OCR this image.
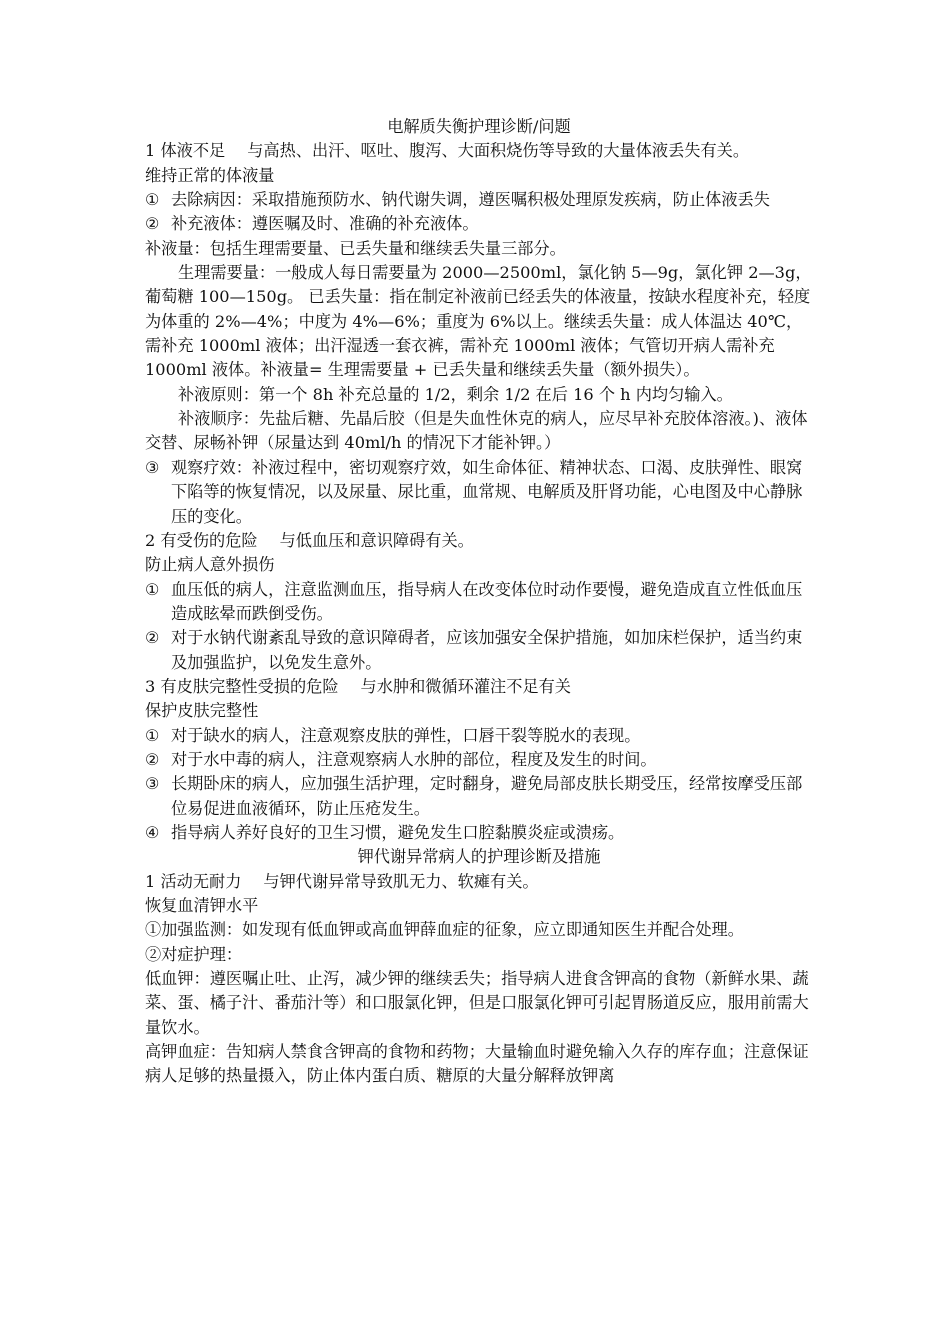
电解质失衡护理诊断/问题

1 体液不足 与高热、出汗、呕吐、腹泻、大面积烧伤等导致的大量体液丢失有关。

维持正常的体液量

① 去除病因：采取措施预防水、钠代谢失调，遵医嘱积极处理原发疾病，防止体液丢失
② 补充液体：遵医嘱及时、准确的补充液体。

补液量：包括生理需要量、已丢失量和继续丢失量三部分。

生理需要量：一般成人每日需要量为 2000—2500ml，氯化钠 5—9g，氯化钾 2—3g，葡萄糖 100—150g。 已丢失量：指在制定补液前已经丢失的体液量，按缺水程度补充，轻度为体重的 2%—4%；中度为 4%—6%；重度为 6%以上。继续丢失量：成人体温达 40℃，需补充 1000ml 液体；出汗湿透一套衣裤，需补充 1000ml 液体；气管切开病人需补充 1000ml 液体。补液量= 生理需要量 + 已丢失量和继续丢失量（额外损失）。

补液原则：第一个 8h 补充总量的 1/2，剩余 1/2 在后 16 个 h 内均匀输入。

补液顺序：先盐后糖、先晶后胶（但是失血性休克的病人，应尽早补充胶体溶液。)、液体交替、尿畅补钾（尿量达到 40ml/h 的情况下才能补钾。）

③ 观察疗效：补液过程中，密切观察疗效，如生命体征、精神状态、口渴、皮肤弹性、眼窝下陷等的恢复情况，以及尿量、尿比重，血常规、电解质及肝肾功能，心电图及中心静脉压的变化。

2 有受伤的危险 与低血压和意识障碍有关。

防止病人意外损伤

① 血压低的病人，注意监测血压，指导病人在改变体位时动作要慢，避免造成直立性低血压造成眩晕而跌倒受伤。
② 对于水钠代谢紊乱导致的意识障碍者，应该加强安全保护措施，如加床栏保护，适当约束及加强监护，以免发生意外。

3 有皮肤完整性受损的危险 与水肿和微循环灌注不足有关

保护皮肤完整性

① 对于缺水的病人，注意观察皮肤的弹性，口唇干裂等脱水的表现。
② 对于水中毒的病人，注意观察病人水肿的部位，程度及发生的时间。
③ 长期卧床的病人，应加强生活护理，定时翻身，避免局部皮肤长期受压，经常按摩受压部位易促进血液循环，防止压疮发生。
④ 指导病人养好良好的卫生习惯，避免发生口腔黏膜炎症或溃疡。

钾代谢异常病人的护理诊断及措施

1 活动无耐力 与钾代谢异常导致肌无力、软瘫有关。

恢复血清钾水平

①加强监测：如发现有低血钾或高血钾薛血症的征象，应立即通知医生并配合处理。

②对症护理：

低血钾：遵医嘱止吐、止泻，减少钾的继续丢失；指导病人进食含钾高的食物（新鲜水果、蔬菜、蛋、橘子汁、番茄汁等）和口服氯化钾，但是口服氯化钾可引起胃肠道反应，服用前需大量饮水。

高钾血症：告知病人禁食含钾高的食物和药物；大量输血时避免输入久存的库存血；注意保证病人足够的热量摄入，防止体内蛋白质、糖原的大量分解释放钾离
